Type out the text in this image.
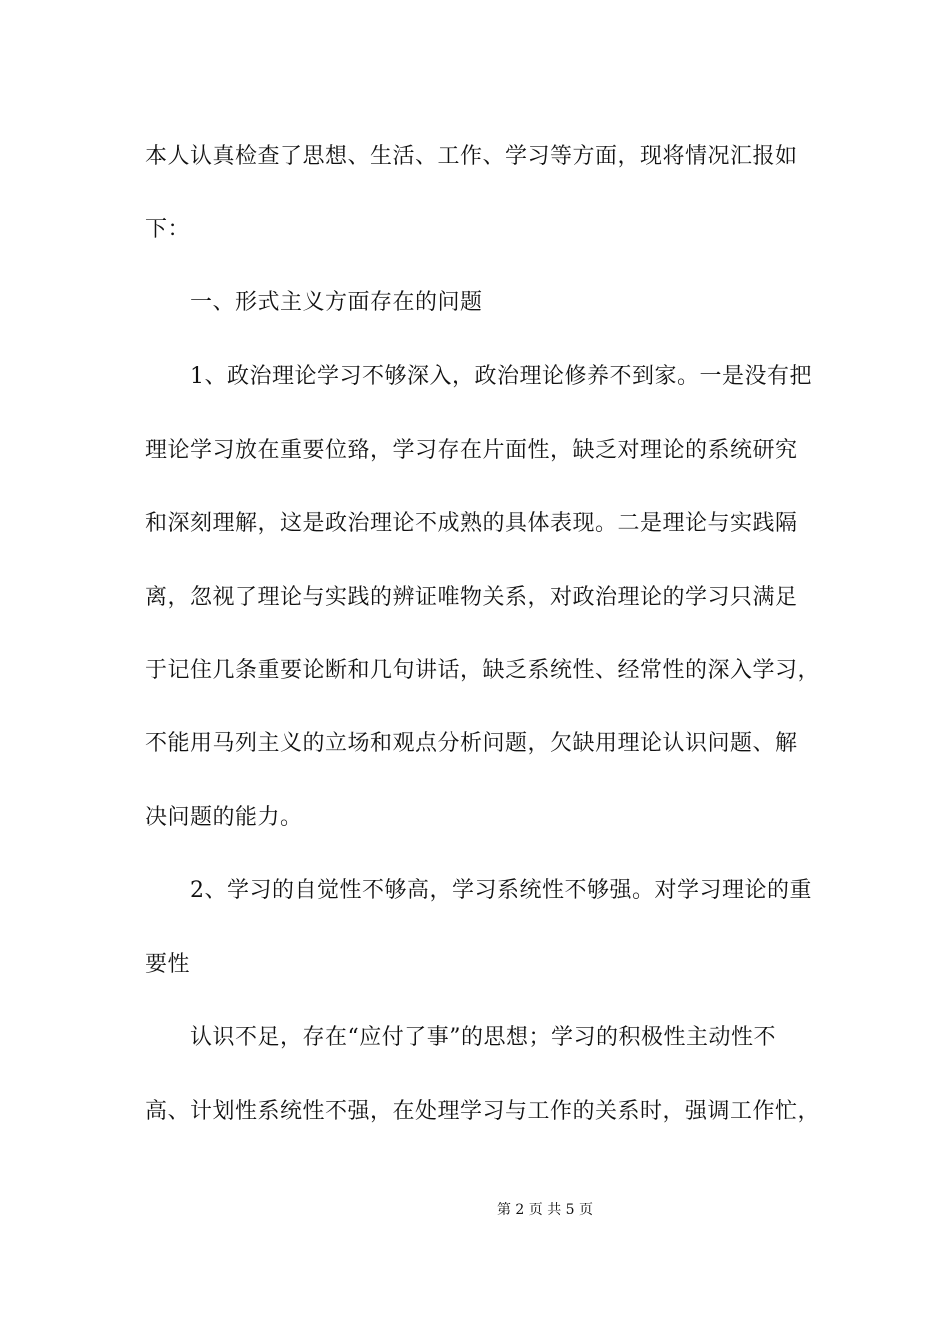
本人认真检查了思想、生活、工作、学习等方面，现将情况汇报如
下：
一、形式主义方面存在的问题
1、政治理论学习不够深入，政治理论修养不到家。一是没有把
理论学习放在重要位臵，学习存在片面性，缺乏对理论的系统研究
和深刻理解，这是政治理论不成熟的具体表现。二是理论与实践隔
离，忽视了理论与实践的辨证唯物关系，对政治理论的学习只满足
于记住几条重要论断和几句讲话，缺乏系统性、经常性的深入学习，
不能用马列主义的立场和观点分析问题，欠缺用理论认识问题、解
决问题的能力。
2、学习的自觉性不够高，学习系统性不够强。对学习理论的重
要性
认识不足，存在“应付了事”的思想；学习的积极性主动性不
高、计划性系统性不强，在处理学习与工作的关系时，强调工作忙，
第 2 页 共 5 页
